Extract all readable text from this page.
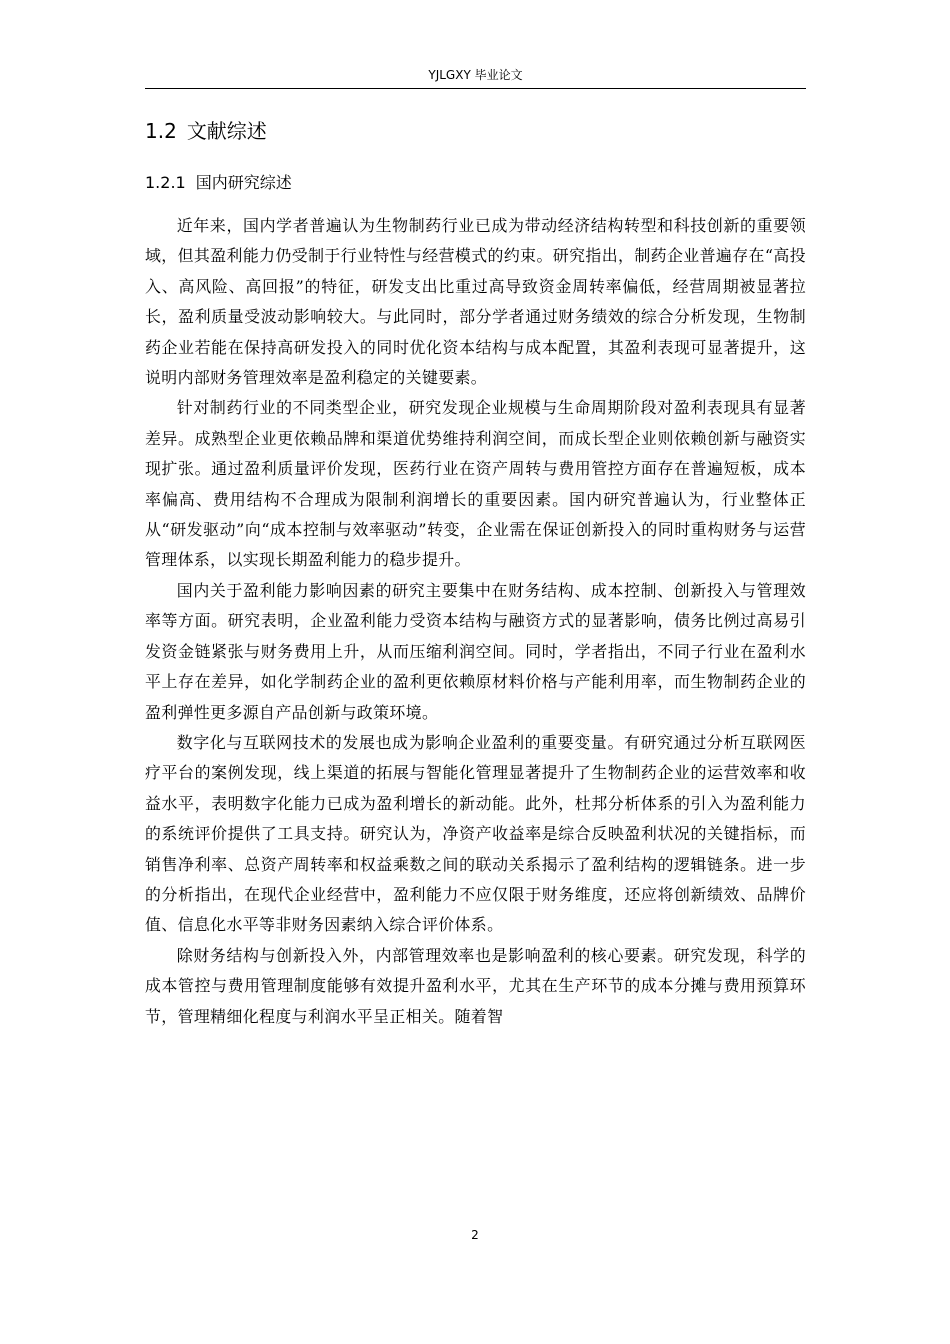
YJLGXY 毕业论文
1.2 文献综述
1.2.1 国内研究综述

近年来，国内学者普遍认为生物制药行业已成为带动经济结构转型和科技创新的重要领域，但其盈利能力仍受制于行业特性与经营模式的约束。研究指出，制药企业普遍存在“高投入、高风险、高回报”的特征，研发支出比重过高导致资金周转率偏低，经营周期被显著拉长，盈利质量受波动影响较大。与此同时，部分学者通过财务绩效的综合分析发现，生物制药企业若能在保持高研发投入的同时优化资本结构与成本配置，其盈利表现可显著提升，这说明内部财务管理效率是盈利稳定的关键要素。

针对制药行业的不同类型企业，研究发现企业规模与生命周期阶段对盈利表现具有显著差异。成熟型企业更依赖品牌和渠道优势维持利润空间，而成长型企业则依赖创新与融资实现扩张。通过盈利质量评价发现，医药行业在资产周转与费用管控方面存在普遍短板，成本率偏高、费用结构不合理成为限制利润增长的重要因素。国内研究普遍认为，行业整体正从“研发驱动”向“成本控制与效率驱动”转变，企业需在保证创新投入的同时重构财务与运营管理体系，以实现长期盈利能力的稳步提升。

国内关于盈利能力影响因素的研究主要集中在财务结构、成本控制、创新投入与管理效率等方面。研究表明，企业盈利能力受资本结构与融资方式的显著影响，债务比例过高易引发资金链紧张与财务费用上升，从而压缩利润空间。同时，学者指出，不同子行业在盈利水平上存在差异，如化学制药企业的盈利更依赖原材料价格与产能利用率，而生物制药企业的盈利弹性更多源自产品创新与政策环境。

数字化与互联网技术的发展也成为影响企业盈利的重要变量。有研究通过分析互联网医疗平台的案例发现，线上渠道的拓展与智能化管理显著提升了生物制药企业的运营效率和收益水平，表明数字化能力已成为盈利增长的新动能。此外，杜邦分析体系的引入为盈利能力的系统评价提供了工具支持。研究认为，净资产收益率是综合反映盈利状况的关键指标，而销售净利率、总资产周转率和权益乘数之间的联动关系揭示了盈利结构的逻辑链条。进一步的分析指出，在现代企业经营中，盈利能力不应仅限于财务维度，还应将创新绩效、品牌价值、信息化水平等非财务因素纳入综合评价体系。

除财务结构与创新投入外，内部管理效率也是影响盈利的核心要素。研究发现，科学的成本管控与费用管理制度能够有效提升盈利水平，尤其在生产环节的成本分摊与费用预算环节，管理精细化程度与利润水平呈正相关。随着智

2
